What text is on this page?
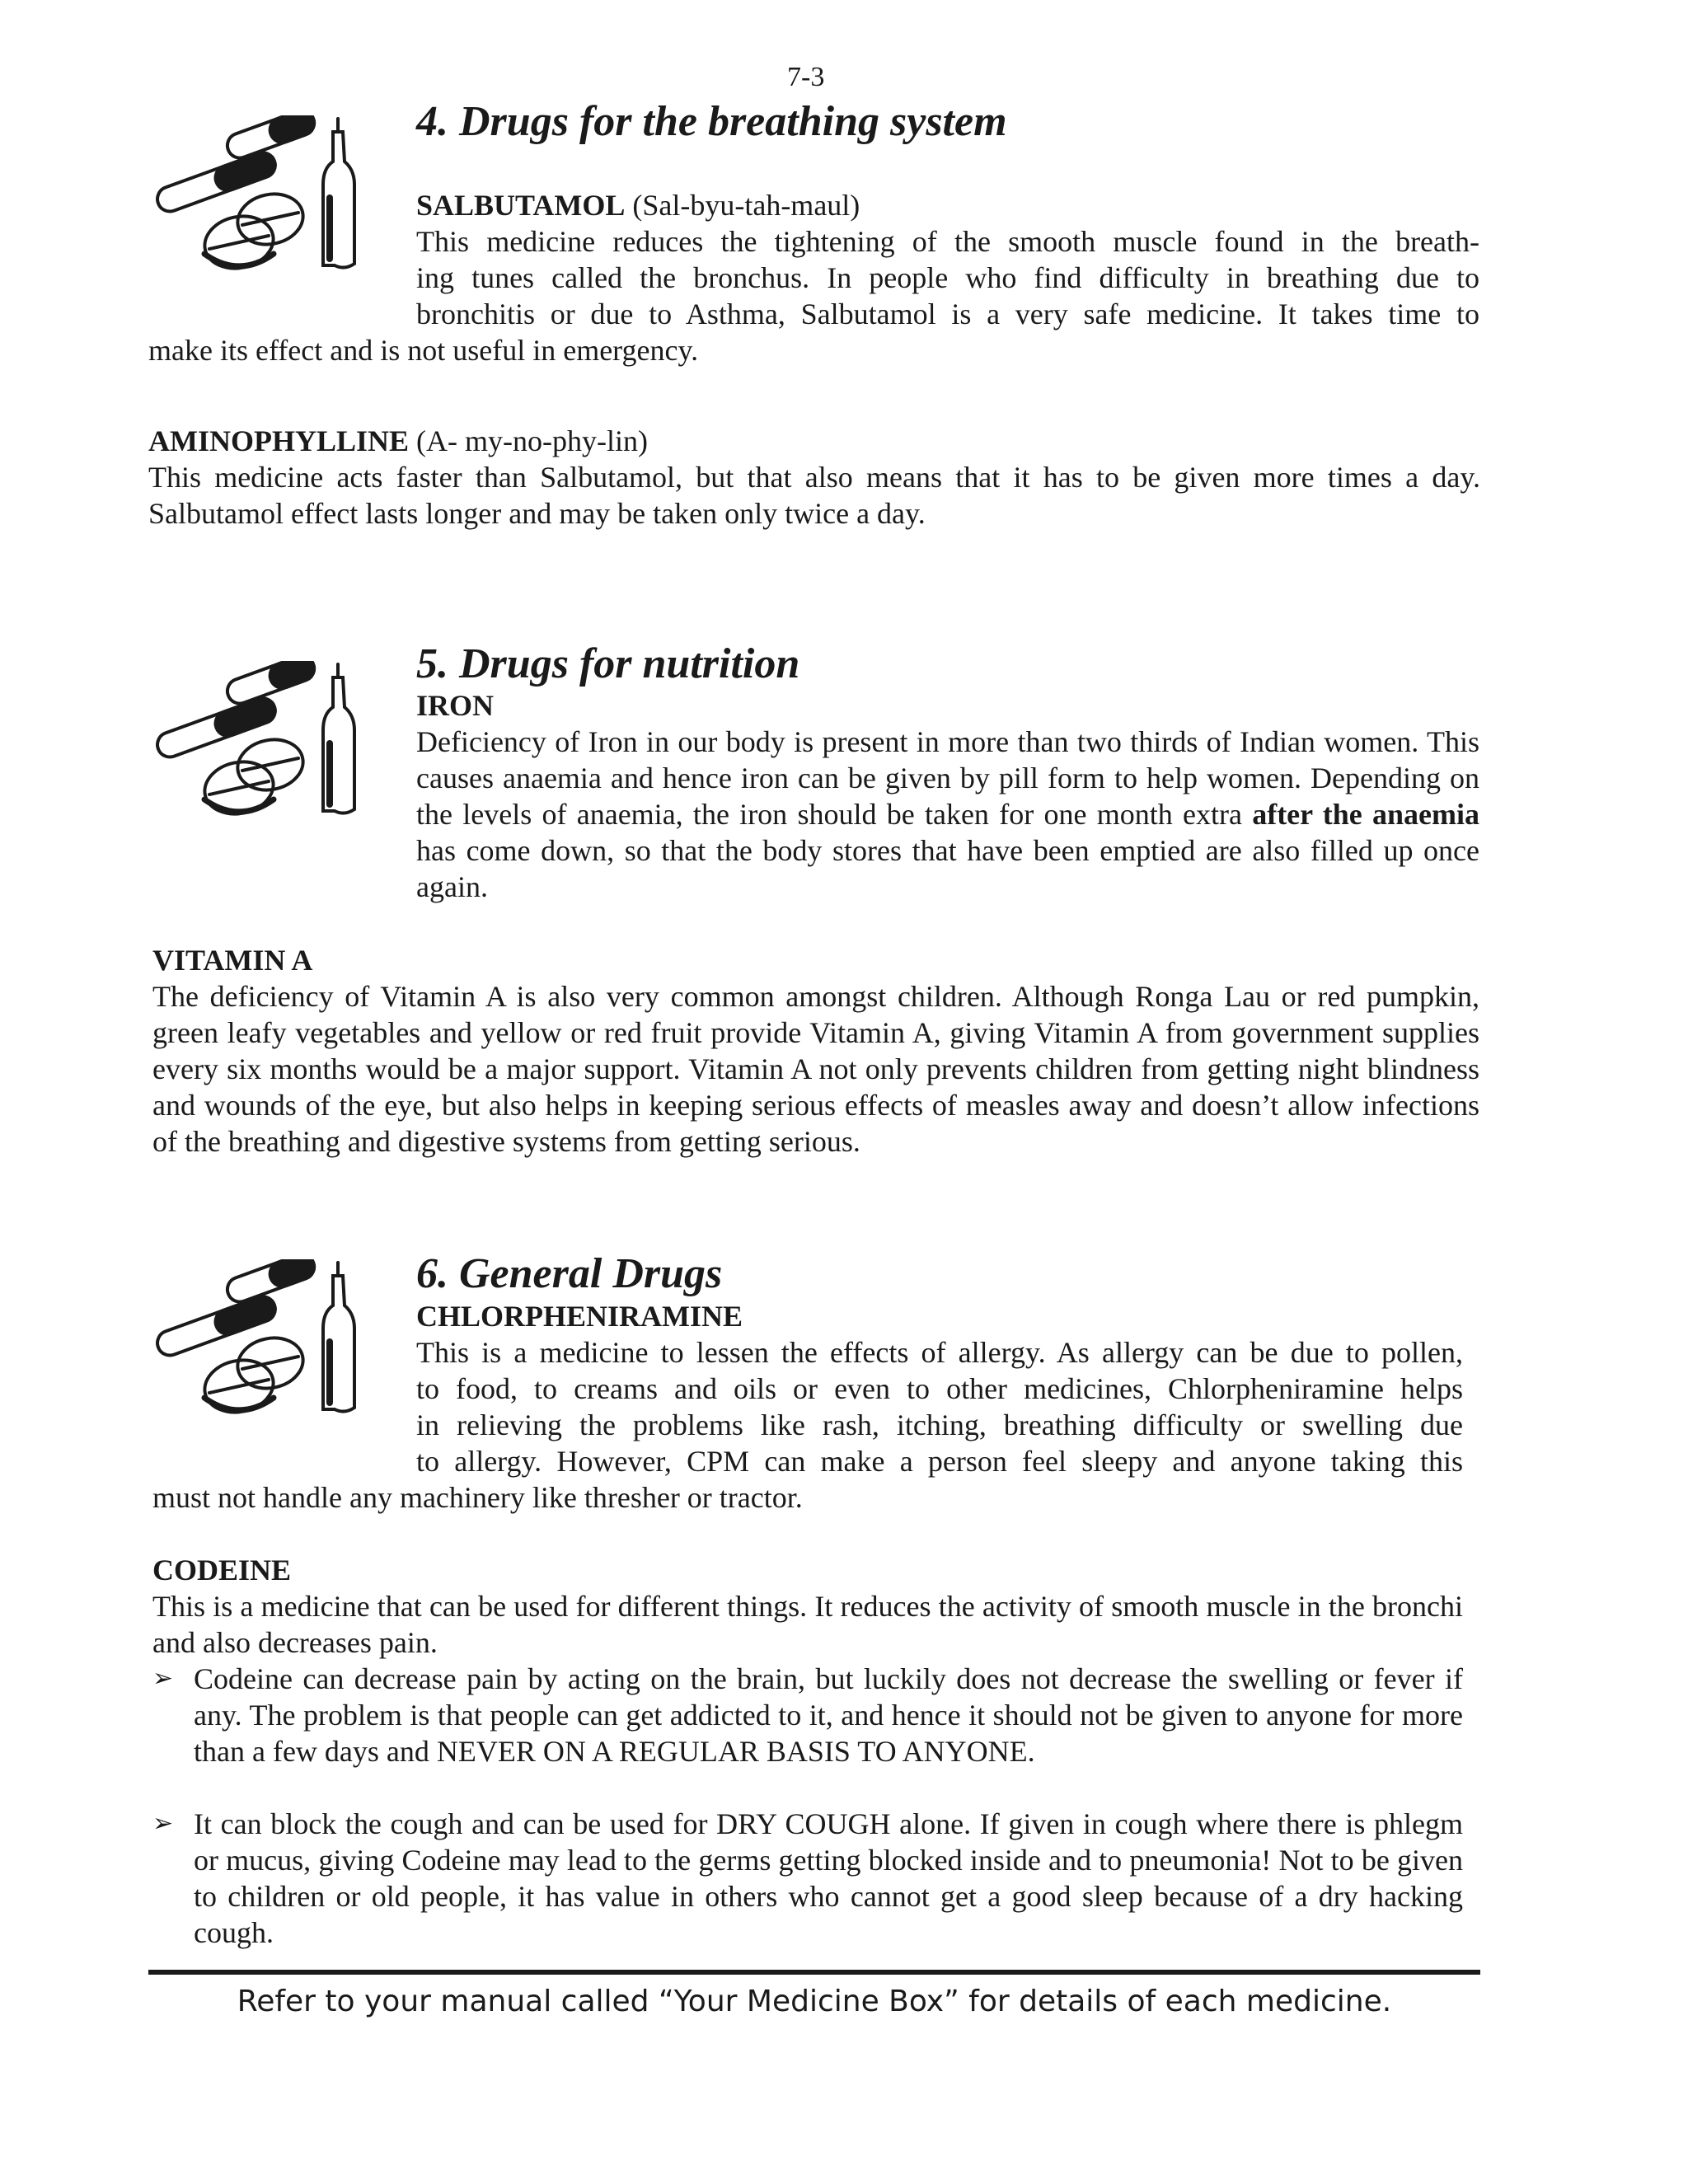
7-3
4. Drugs for the breathing system

SALBUTAMOL (Sal-byu-tah-maul)

This medicine reduces the tightening of the smooth muscle found in the breath-

ing tunes called the bronchus. In people who find difficulty in breathing due to

bronchitis or due to Asthma, Salbutamol is a very safe medicine. It takes time to

make its effect and is not useful in emergency.

AMINOPHYLLINE (A- my-no-phy-lin)

This medicine acts faster than Salbutamol, but that also means that it has to be given more times a day. Salbutamol effect lasts longer and may be taken only twice a day.

5. Drugs for nutrition

IRON

Deficiency of Iron in our body is present in more than two thirds of Indian women. This causes anaemia and hence iron can be given by pill form to help women. Depending on the levels of anaemia, the iron should be taken for one month extra after the anaemia has come down, so that the body stores that have been emptied are also filled up once again.

VITAMIN A

The deficiency of Vitamin A is also very common amongst children. Although Ronga Lau or red pumpkin, green leafy vegetables and yellow or red fruit provide Vitamin A, giving Vitamin A from government supplies every six months would be a major support. Vitamin A not only prevents children from getting night blindness and wounds of the eye, but also helps in keeping serious effects of measles away and doesn’t allow infections of the breathing and digestive systems from getting serious.

6. General Drugs

CHLORPHENIRAMINE

This is a medicine to lessen the effects of allergy. As allergy can be due to pollen,

to food, to creams and oils or even to other medicines, Chlorpheniramine helps

in relieving the problems like rash, itching, breathing difficulty or swelling due

to allergy. However, CPM can make a person feel sleepy and anyone taking this

must not handle any machinery like thresher or tractor.

CODEINE

This is a medicine that can be used for different things. It reduces the activity of smooth muscle in the bronchi and also decreases pain.

➢ Codeine can decrease pain by acting on the brain, but luckily does not decrease the swelling or fever if any. The problem is that people can get addicted to it, and hence it should not be given to anyone for more than a few days and NEVER ON A REGULAR BASIS TO ANYONE.

➢ It can block the cough and can be used for DRY COUGH alone. If given in cough where there is phlegm or mucus, giving Codeine may lead to the germs getting blocked inside and to pneumonia! Not to be given to children or old people, it has value in others who cannot get a good sleep because of a dry hacking cough.

Refer to your manual called “Your Medicine Box” for details of each medicine.
